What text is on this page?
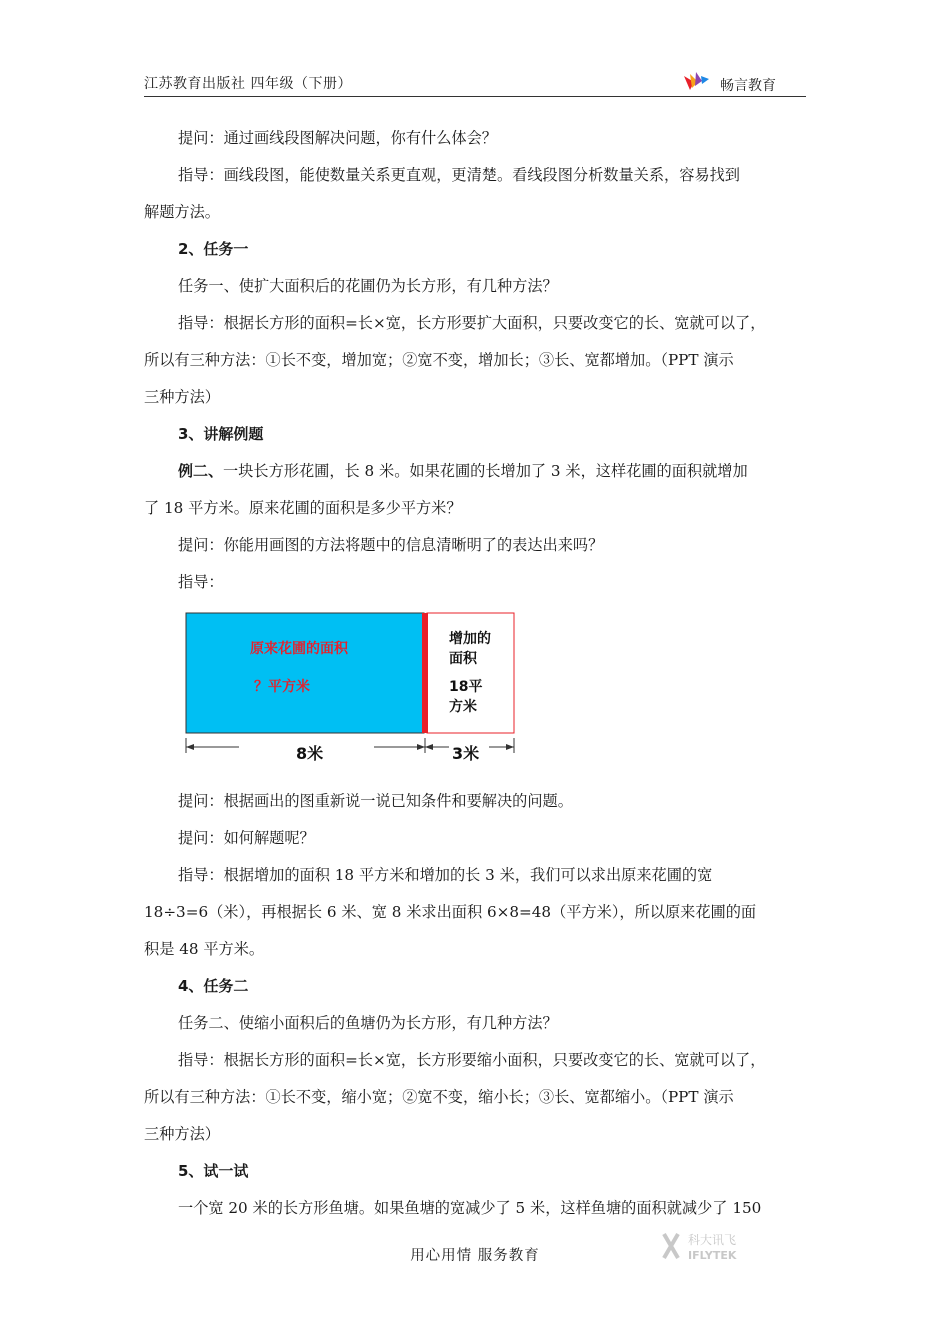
江苏教育出版社 四年级（下册）	畅言教育

提问：通过画线段图解决问题，你有什么体会？

指导：画线段图，能使数量关系更直观，更清楚。看线段图分析数量关系，容易找到

解题方法。

2、任务一

任务一、使扩大面积后的花圃仍为长方形，有几种方法？

指导：根据长方形的面积=长×宽，长方形要扩大面积，只要改变它的长、宽就可以了，

所以有三种方法：①长不变，增加宽；②宽不变，增加长；③长、宽都增加。（PPT 演示

三种方法）

3、讲解例题

例二、一块长方形花圃，长 8 米。如果花圃的长增加了 3 米，这样花圃的面积就增加

了 18 平方米。原来花圃的面积是多少平方米？

提问：你能用画图的方法将题中的信息清晰明了的表达出来吗？

指导：

原来花圃的面积
？平方米
增加的
面积
18平
方米
8米	3米

提问：根据画出的图重新说一说已知条件和要解决的问题。

提问：如何解题呢？

指导：根据增加的面积 18 平方米和增加的长 3 米，我们可以求出原来花圃的宽

18÷3=6（米），再根据长 6 米、宽 8 米求出面积 6×8=48（平方米），所以原来花圃的面

积是 48 平方米。

4、任务二

任务二、使缩小面积后的鱼塘仍为长方形，有几种方法？

指导：根据长方形的面积=长×宽，长方形要缩小面积，只要改变它的长、宽就可以了，

所以有三种方法：①长不变，缩小宽；②宽不变，缩小长；③长、宽都缩小。（PPT 演示

三种方法）

5、试一试

一个宽 20 米的长方形鱼塘。如果鱼塘的宽减少了 5 米，这样鱼塘的面积就减少了 150

用心用情 服务教育
科大讯飞
IFLYTEK
